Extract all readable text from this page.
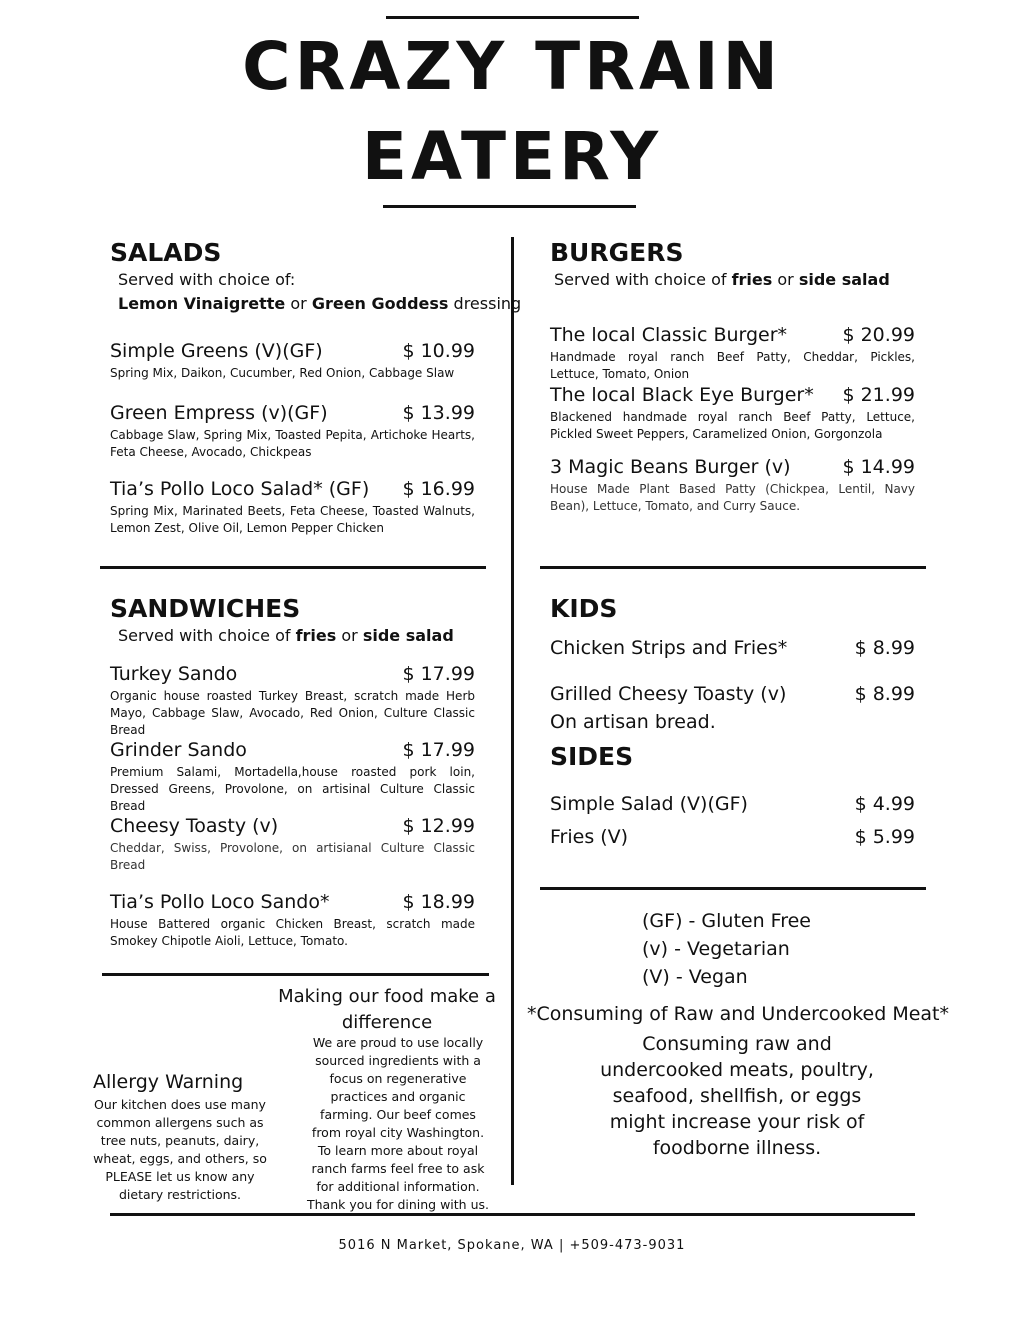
CRAZY TRAIN
EATERY
SALADS
Served with choice of:
Lemon Vinaigrette or Green Goddess dressing
Simple Greens (V)(GF)	$ 10.99
Spring Mix, Daikon, Cucumber, Red Onion, Cabbage Slaw
Green Empress (v)(GF)	$ 13.99
Cabbage Slaw, Spring Mix, Toasted Pepita, Artichoke Hearts, Feta Cheese, Avocado, Chickpeas
Tia’s Pollo Loco Salad* (GF) $ 16.99
Spring Mix, Marinated Beets, Feta Cheese, Toasted Walnuts, Lemon Zest, Olive Oil, Lemon Pepper Chicken
BURGERS
Served with choice of fries or side salad
The local Classic Burger*	$ 20.99
Handmade royal ranch Beef Patty, Cheddar, Pickles, Lettuce, Tomato, Onion
The local Black Eye Burger* $ 21.99
Blackened handmade royal ranch Beef Patty, Lettuce, Pickled Sweet Peppers, Caramelized Onion, Gorgonzola
3 Magic Beans Burger (v)	$ 14.99
House Made Plant Based Patty (Chickpea, Lentil, Navy Bean), Lettuce, Tomato, and Curry Sauce.
SANDWICHES
Served with choice of fries or side salad
Turkey Sando	$ 17.99
Organic house roasted Turkey Breast, scratch made Herb Mayo, Cabbage Slaw, Avocado, Red Onion, Culture Classic Bread
Grinder Sando	$ 17.99
Premium Salami, Mortadella,house roasted pork loin, Dressed Greens, Provolone, on artisinal Culture Classic Bread
Cheesy Toasty (v)	$ 12.99
Cheddar, Swiss, Provolone, on artisianal Culture Classic Bread
Tia’s Pollo Loco Sando*	$ 18.99
House Battered organic Chicken Breast, scratch made Smokey Chipotle Aioli, Lettuce, Tomato.
KIDS
Chicken Strips and Fries*	$ 8.99
Grilled Cheesy Toasty (v)	$ 8.99
On artisan bread.
SIDES
Simple Salad (V)(GF)	$ 4.99
Fries (V)	$ 5.99
(GF) - Gluten Free
(v) - Vegetarian
(V) - Vegan
*Consuming of Raw and Undercooked Meat*
Consuming raw and
undercooked meats, poultry,
seafood, shellfish, or eggs
might increase your risk of
foodborne illness.
Making our food make a
difference
We are proud to use locally
sourced ingredients with a
focus on regenerative
practices and organic
farming. Our beef comes
from royal city Washington.
To learn more about royal
ranch farms feel free to ask
for additional information.
Thank you for dining with us.
Allergy Warning
Our kitchen does use many
common allergens such as
tree nuts, peanuts, dairy,
wheat, eggs, and others, so
PLEASE let us know any
dietary restrictions.
5016 N Market, Spokane, WA | +509-473-9031
